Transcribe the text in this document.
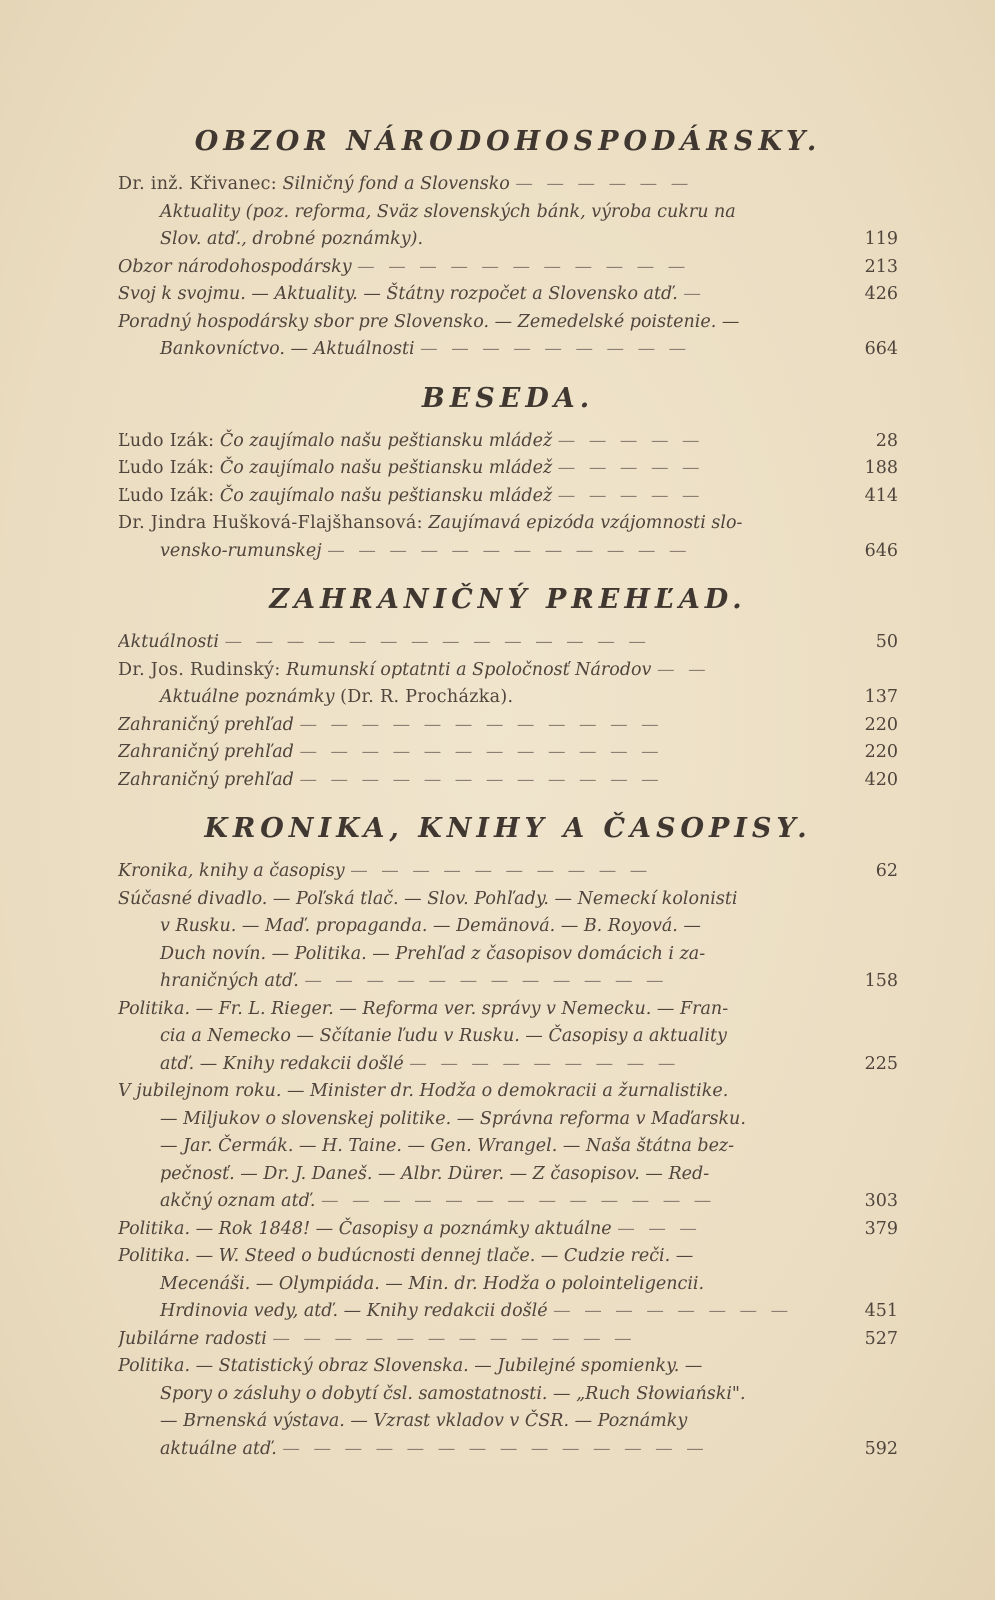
OBZOR NÁRODOHOSPODÁRSKY.
Dr. inž. Křivanec: Silničný fond a Slovensko — — — — — —
Aktuality (poz. reforma, Sväz slovenských bánk, výroba cukru na
Slov. atď., drobné poznámky).	119
Obzor národohospodársky — — — — — — — — — — —	213
Svoj k svojmu. — Aktuality. — Štátny rozpočet a Slovensko atď. —	426
Poradný hospodársky sbor pre Slovensko. — Zemedelské poistenie. —
Bankovníctvo. — Aktuálnosti — — — — — — — — —	664
BESEDA.
Ľudo Izák: Čo zaujímalo našu peštiansku mládež — — — — —	28
Ľudo Izák: Čo zaujímalo našu peštiansku mládež — — — — —	188
Ľudo Izák: Čo zaujímalo našu peštiansku mládež — — — — —	414
Dr. Jindra Hušková-Flajšhansová: Zaujímavá epizóda vzájomnosti slo-
vensko-rumunskej — — — — — — — — — — — —	646
ZAHRANIČNÝ PREHĽAD.
Aktuálnosti — — — — — — — — — — — — — —	50
Dr. Jos. Rudinský: Rumunskí optatnti a Spoločnosť Národov — —
Aktuálne poznámky (Dr. R. Procházka).	137
Zahraničný prehľad — — — — — — — — — — — —	220
Zahraničný prehľad — — — — — — — — — — — —	220
Zahraničný prehľad — — — — — — — — — — — —	420
KRONIKA, KNIHY A ČASOPISY.
Kronika, knihy a časopisy — — — — — — — — — —	62
Súčasné divadlo. — Poľská tlač. — Slov. Pohľady. — Nemeckí kolonisti
v Rusku. — Maď. propaganda. — Demänová. — B. Royová. —
Duch novín. — Politika. — Prehľad z časopisov domácich i za-
hraničných atď. — — — — — — — — — — — —	158
Politika. — Fr. L. Rieger. — Reforma ver. správy v Nemecku. — Fran-
cia a Nemecko — Sčítanie ľudu v Rusku. — Časopisy a aktuality
atď. — Knihy redakcii došlé — — — — — — — — —	225
V jubilejnom roku. — Minister dr. Hodža o demokracii a žurnalistike.
— Miljukov o slovenskej politike. — Správna reforma v Maďarsku.
— Jar. Čermák. — H. Taine. — Gen. Wrangel. — Naša štátna bez-
pečnosť. — Dr. J. Daneš. — Albr. Dürer. — Z časopisov. — Red-
akčný oznam atď. — — — — — — — — — — — — —	303
Politika. — Rok 1848! — Časopisy a poznámky aktuálne — — —	379
Politika. — W. Steed o budúcnosti dennej tlače. — Cudzie reči. —
Mecenáši. — Olympiáda. — Min. dr. Hodža o polointeligencii.
Hrdinovia vedy, atď. — Knihy redakcii došlé — — — — — — — —	451
Jubilárne radosti — — — — — — — — — — — —	527
Politika. — Statistický obraz Slovenska. — Jubilejné spomienky. —
Spory o zásluhy o dobytí čsl. samostatnosti. — „Ruch Słowiański".
— Brnenská výstava. — Vzrast vkladov v ČSR. — Poznámky
aktuálne atď. — — — — — — — — — — — — — —	592
